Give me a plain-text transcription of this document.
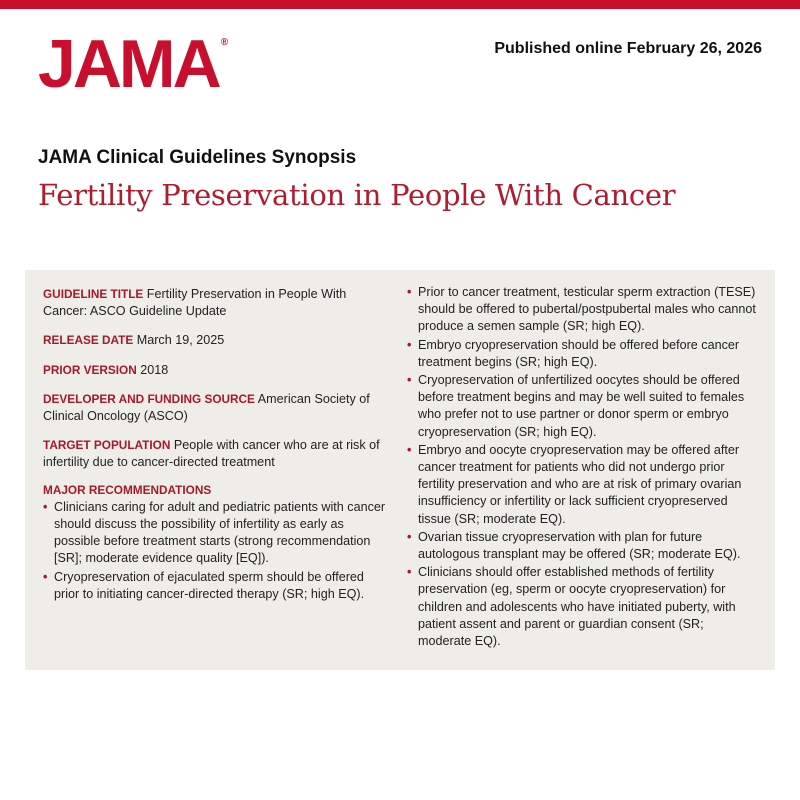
JAMA ®	Published online February 26, 2026
JAMA Clinical Guidelines Synopsis
Fertility Preservation in People With Cancer
GUIDELINE TITLE Fertility Preservation in People With Cancer: ASCO Guideline Update
RELEASE DATE March 19, 2025
PRIOR VERSION 2018
DEVELOPER AND FUNDING SOURCE American Society of Clinical Oncology (ASCO)
TARGET POPULATION People with cancer who are at risk of infertility due to cancer-directed treatment
MAJOR RECOMMENDATIONS
• Clinicians caring for adult and pediatric patients with cancer should discuss the possibility of infertility as early as possible before treatment starts (strong recommendation [SR]; moderate evidence quality [EQ]).
• Cryopreservation of ejaculated sperm should be offered prior to initiating cancer-directed therapy (SR; high EQ).
• Prior to cancer treatment, testicular sperm extraction (TESE) should be offered to pubertal/postpubertal males who cannot produce a semen sample (SR; high EQ).
• Embryo cryopreservation should be offered before cancer treatment begins (SR; high EQ).
• Cryopreservation of unfertilized oocytes should be offered before treatment begins and may be well suited to females who prefer not to use partner or donor sperm or embryo cryopreservation (SR; high EQ).
• Embryo and oocyte cryopreservation may be offered after cancer treatment for patients who did not undergo prior fertility preservation and who are at risk of primary ovarian insufficiency or infertility or lack sufficient cryopreserved tissue (SR; moderate EQ).
• Ovarian tissue cryopreservation with plan for future autologous transplant may be offered (SR; moderate EQ).
• Clinicians should offer established methods of fertility preservation (eg, sperm or oocyte cryopreservation) for children and adolescents who have initiated puberty, with patient assent and parent or guardian consent (SR; moderate EQ).
